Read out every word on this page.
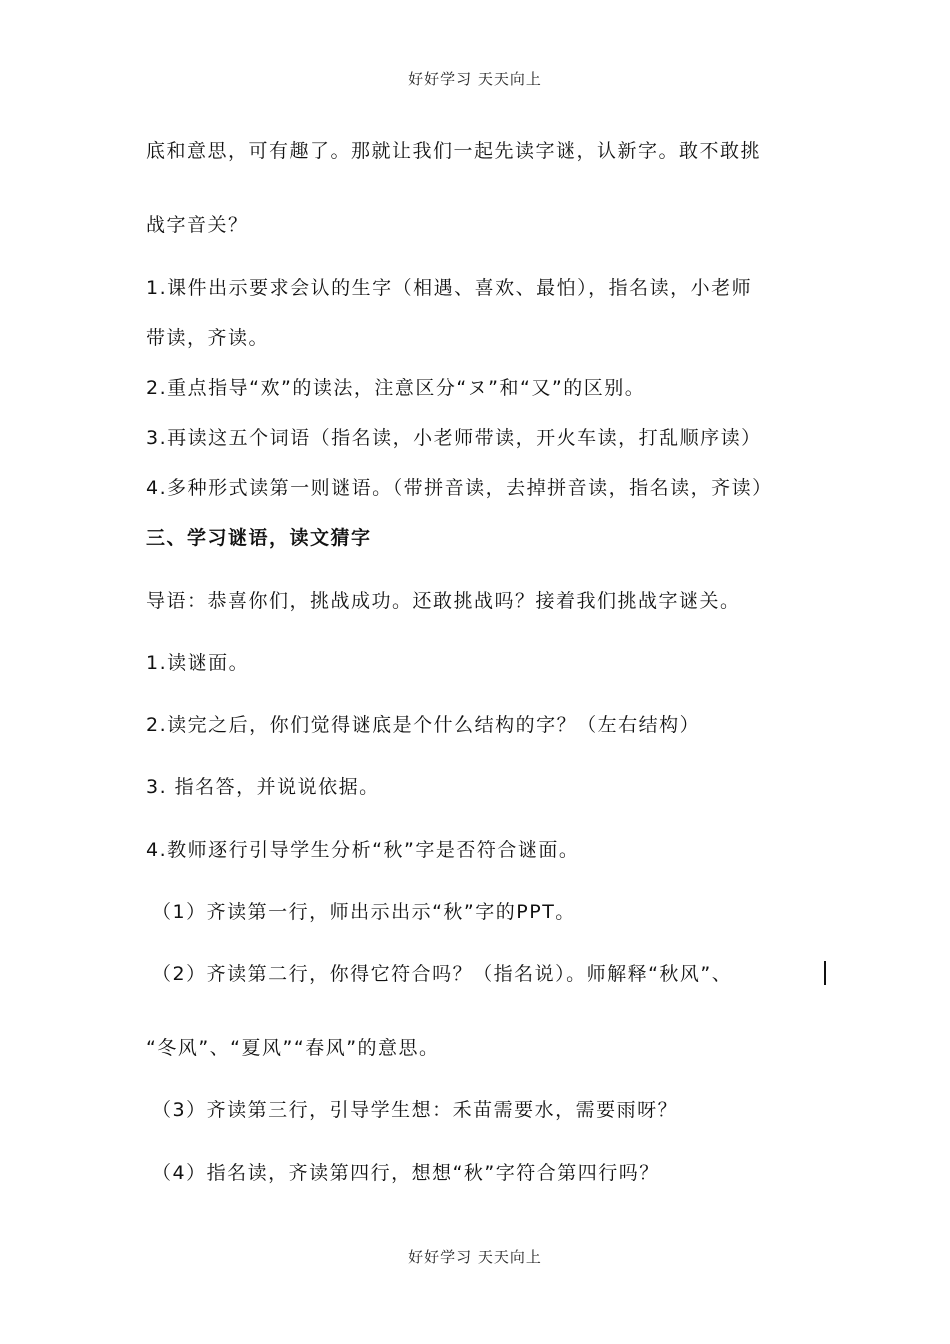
好好学习 天天向上
底和意思，可有趣了。那就让我们一起先读字谜，认新字。敢不敢挑
战字音关？
1.课件出示要求会认的生字（相遇、喜欢、最怕），指名读，小老师
带读，齐读。
2.重点指导“欢”的读法，注意区分“ヌ”和“又”的区别。
3.再读这五个词语（指名读，小老师带读，开火车读，打乱顺序读）
4.多种形式读第一则谜语。（带拼音读，去掉拼音读，指名读，齐读）
三、学习谜语，读文猜字
导语：恭喜你们，挑战成功。还敢挑战吗？接着我们挑战字谜关。
1.读谜面。
2.读完之后，你们觉得谜底是个什么结构的字？（左右结构）
3. 指名答，并说说依据。
4.教师逐行引导学生分析“秋”字是否符合谜面。
（1）齐读第一行，师出示出示“秋”字的PPT。
（2）齐读第二行，你得它符合吗？（指名说）。师解释“秋风”、
“冬风”、“夏风”“春风”的意思。
（3）齐读第三行，引导学生想：禾苗需要水，需要雨呀？
（4）指名读，齐读第四行，想想“秋”字符合第四行吗？
好好学习 天天向上
